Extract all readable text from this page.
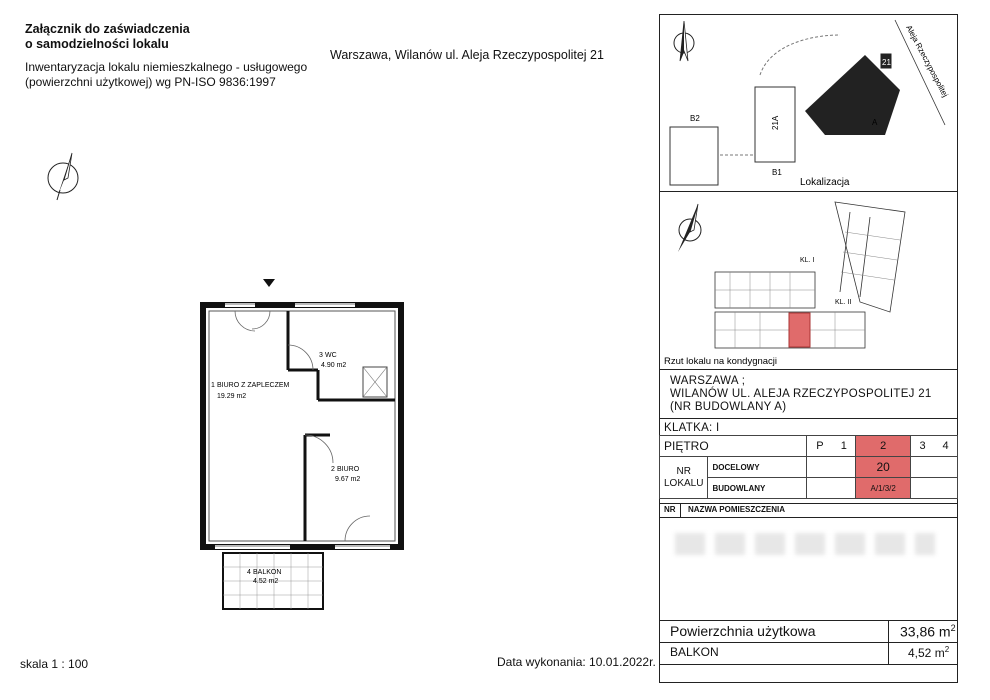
Załącznik do zaświadczenia
o samodzielności lokalu
Inwentaryzacja lokalu niemieszkalnego - usługowego
(powierzchni użytkowej) wg PN-ISO 9836:1997
Warszawa, Wilanów ul. Aleja Rzeczypospolitej 21
1 BIURO Z ZAPLECZEM
19.29 m2
3 WC
4.90 m2
2 BIURO
9.67 m2
4 BALKON
4.52 m2
skala 1 : 100	Data wykonania: 10.01.2022r.
B2	21A
B1
21
A
Aleja Rzeczypospolitej
Lokalizacja
KL. I
KL. II
Rzut lokalu na kondygnacji
WARSZAWA ;
WILANÓW UL. ALEJA RZECZYPOSPOLITEJ 21
(NR BUDOWLANY A)
KLATKA: I
PIĘTRO		P	1	2	3	4
NR LOKALU	DOCELOWY			20		
	BUDOWLANY			A/1/3/2		
NR NAZWA POMIESZCZENIA
Powierzchnia użytkowa	33,86 $m^2$
BALKON	4,52 $m^2$
